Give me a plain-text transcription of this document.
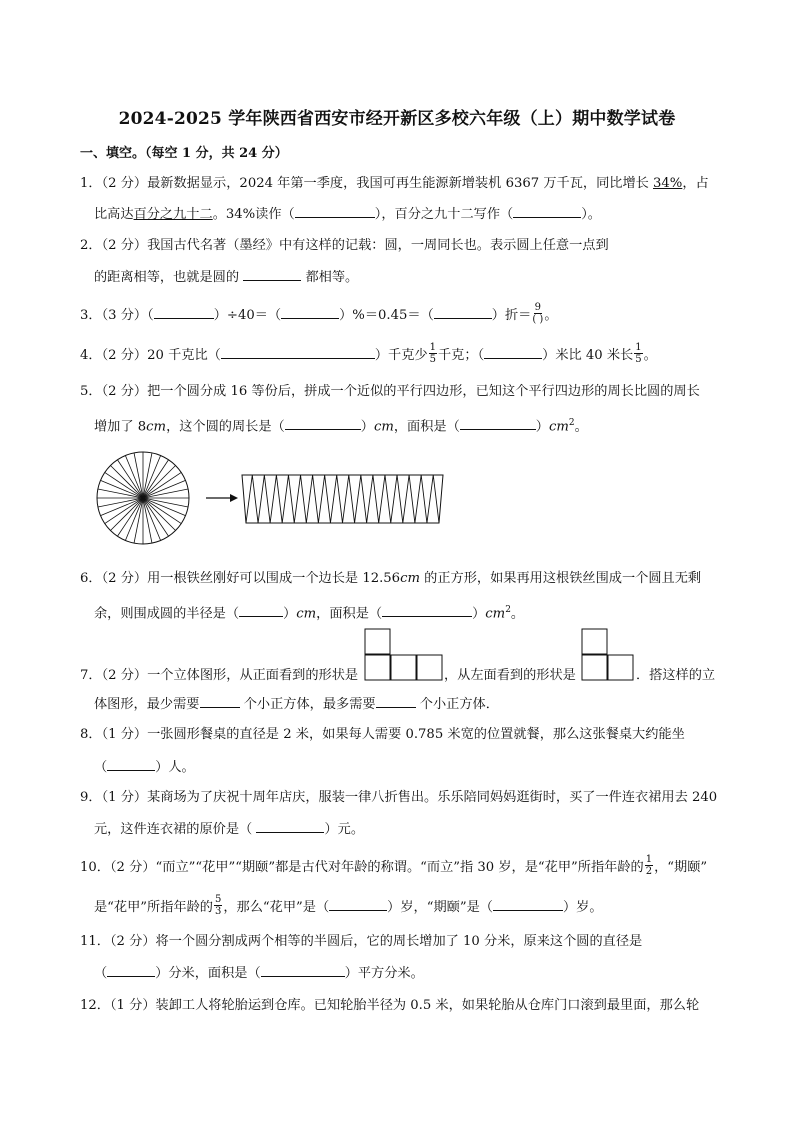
2024-2025 学年陕西省西安市经开新区多校六年级（上）期中数学试卷
一、填空。（每空 1 分，共 24 分）
1．（2 分）最新数据显示，2024 年第一季度，我国可再生能源新增装机 6367 万千瓦，同比增长 34%，占
比高达百分之九十二。34%读作（	），百分之九十二写作（	）。
2．（2 分）我国古代名著（墨经》中有这样的记载：圆，一周同长也。表示圆上任意一点到
的距离相等，也就是圆的	都相等。
3．（3 分）（	）÷40＝（	）%＝0.45＝（	）折＝ $\frac{9}{( )}$ 。
4．（2 分）20 千克比（	）千克少 $\frac{1}{5}$ 千克；（	）米比 40 米长 $\frac{1}{5}$ 。
5．（2 分）把一个圆分成 16 等份后，拼成一个近似的平行四边形，已知这个平行四边形的周长比圆的周长
增加了 8cm，这个圆的周长是（	）cm，面积是（	）$cm^2$。
6．（2 分）用一根铁丝刚好可以围成一个边长是 12.56cm 的正方形，如果再用这根铁丝围成一个圆且无剩
余，则围成圆的半径是（	）cm，面积是（	）$cm^2$。
7．（2 分）一个立体图形，从正面看到的形状是	，从左面看到的形状是	．搭这样的立
体图形，最少需要	个小正方体，最多需要	个小正方体．
8．（1 分）一张圆形餐桌的直径是 2 米，如果每人需要 0.785 米宽的位置就餐，那么这张餐桌大约能坐
（	）人。
9．（1 分）某商场为了庆祝十周年店庆，服装一律八折售出。乐乐陪同妈妈逛街时，买了一件连衣裙用去 240
元，这件连衣裙的原价是（	）元。
10．（2 分）“而立”“花甲”“期颐”都是古代对年龄的称谓。“而立”指 30 岁，是“花甲”所指年龄的 $\frac{1}{2}$ ，“期颐”
是“花甲”所指年龄的 $\frac{5}{3}$ ，那么“花甲”是（	）岁，“期颐”是（	）岁。
11．（2 分）将一个圆分割成两个相等的半圆后，它的周长增加了 10 分米，原来这个圆的直径是
（	）分米，面积是（	）平方分米。
12．（1 分）装卸工人将轮胎运到仓库。已知轮胎半径为 0.5 米，如果轮胎从仓库门口滚到最里面，那么轮
